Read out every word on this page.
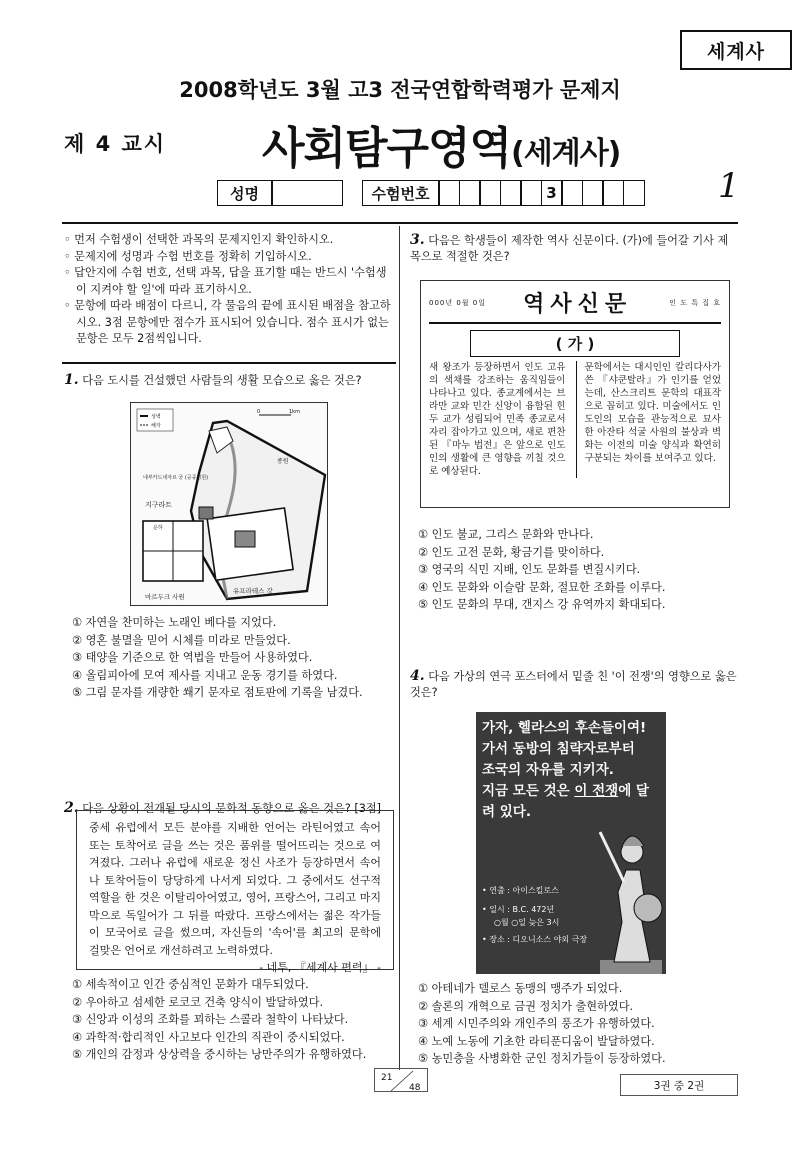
세계사
2008학년도 3월 고3 전국연합학력평가 문제지
제 4 교시 사회탐구영역(세계사)
1
성명	수험번호	3
◦ 먼저 수험생이 선택한 과목의 문제지인지 확인하시오.
◦ 문제지에 성명과 수험 번호를 정확히 기입하시오.
◦ 답안지에 수험 번호, 선택 과목, 답을 표기할 때는 반드시 '수험생이 지켜야 할 일'에 따라 표기하시오.
◦ 문항에 따라 배점이 다르니, 각 물음의 끝에 표시된 배점을 참고하시오. 3점 문항에만 점수가 표시되어 있습니다. 점수 표시가 없는 문항은 모두 2점씩입니다.
1. 다음 도시를 건설했던 사람들의 생활 모습으로 옳은 것은?
성벽
해자
0	1km
종원
네부카드네자르 궁 (공중정원)
지구라트
운하
마르두크 사원
유프라테스 강
① 자연을 찬미하는 노래인 베다를 지었다.
② 영혼 불멸을 믿어 시체를 미라로 만들었다.
③ 태양을 기준으로 한 역법을 만들어 사용하였다.
④ 올림피아에 모여 제사를 지내고 운동 경기를 하였다.
⑤ 그림 문자를 개량한 쐐기 문자로 점토판에 기록을 남겼다.
2. 다음 상황이 전개될 당시의 문화적 동향으로 옳은 것은? [3점]
중세 유럽에서 모든 분야를 지배한 언어는 라틴어였고 속어 또는 토착어로 글을 쓰는 것은 품위를 떨어뜨리는 것으로 여겨졌다. 그러나 유럽에 새로운 정신 사조가 등장하면서 속어나 토착어들이 당당하게 나서게 되었다. 그 중에서도 선구적 역할을 한 것은 이탈리아어였고, 영어, 프랑스어, 그리고 마지막으로 독일어가 그 뒤를 따랐다. 프랑스에서는 젊은 작가들이 모국어로 글을 썼으며, 자신들의 '속어'를 최고의 문학에 걸맞은 언어로 개선하려고 노력하였다.
- 네투, 『세계사 편력』 -
① 세속적이고 인간 중심적인 문화가 대두되었다.
② 우아하고 섬세한 로코코 건축 양식이 발달하였다.
③ 신앙과 이성의 조화를 꾀하는 스콜라 철학이 나타났다.
④ 과학적·합리적인 사고보다 인간의 직관이 중시되었다.
⑤ 개인의 감정과 상상력을 중시하는 낭만주의가 유행하였다.
3. 다음은 학생들이 제작한 역사 신문이다. (가)에 들어갈 기사 제목으로 적절한 것은?
000년 0월 0일 역사신문	인 도 특 집 호
( 가 )
새 왕조가 등장하면서 인도 고유의 색채를 강조하는 움직임들이 나타나고 있다. 종교계에서는 브라만 교와 민간 신앙이 융합된 힌두 교가 성립되어 민족 종교로서 자리 잡아가고 있으며, 새로 편찬된 『마누 법전』은 앞으로 인도인의 생활에 큰 영향을 끼칠 것으로 예상된다.
문학에서는 대시인인 칼리다사가 쓴 『샤쿤탈라』가 인기를 얻었는데, 산스크리트 문학의 대표작으로 꼽히고 있다. 미술에서도 인도인의 모습을 관능적으로 묘사한 아잔타 석굴 사원의 불상과 벽화는 이전의 미술 양식과 확연히 구분되는 차이를 보여주고 있다.
① 인도 불교, 그리스 문화와 만나다.
② 인도 고전 문화, 황금기를 맞이하다.
③ 영국의 식민 지배, 인도 문화를 변질시키다.
④ 인도 문화와 이슬람 문화, 절묘한 조화를 이루다.
⑤ 인도 문화의 무대, 갠지스 강 유역까지 확대되다.
4. 다음 가상의 연극 포스터에서 밑줄 친 '이 전쟁'의 영향으로 옳은 것은?
가자, 헬라스의 후손들이여!
가서 동방의 침략자로부터
조국의 자유를 지키자.
지금 모든 것은 이 전쟁에 달려 있다.
• 연출 : 아이스킬로스
• 일시 : B.C. 472년
○월 ○일 늦은 3시
• 장소 : 디오니소스 야외 극장
① 아테네가 델로스 동맹의 맹주가 되었다.
② 솔론의 개혁으로 금권 정치가 출현하였다.
③ 세계 시민주의와 개인주의 풍조가 유행하였다.
④ 노예 노동에 기초한 라티푼디움이 발달하였다.
⑤ 농민층을 사병화한 군인 정치가들이 등장하였다.
21
48	3권 중 2권
